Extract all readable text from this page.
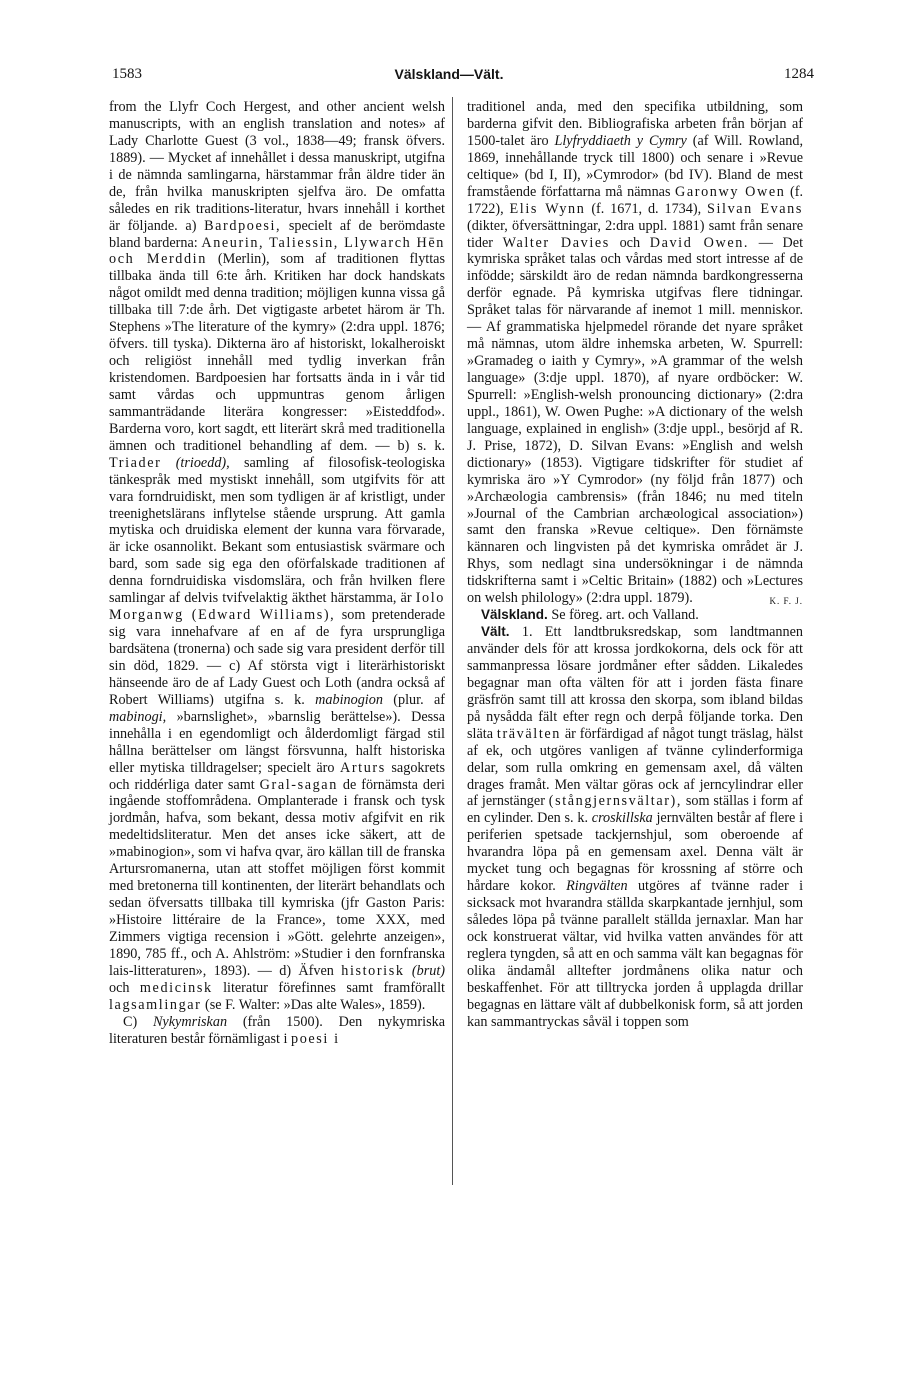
1583	Välskland—Vält.	1284

from the Llyfr Coch Hergest, and other ancient welsh manuscripts, with an english translation and notes» af Lady Charlotte Guest (3 vol., 1838—49; fransk öfvers. 1889). — Mycket af innehållet i dessa manuskript, utgifna i de nämnda samlingarna, härstammar från äldre tider än de, från hvilka manuskripten sjelfva äro. De omfatta således en rik traditions-literatur, hvars innehåll i korthet är följande. a) Bardpoesi, specielt af de berömdaste bland barderna: Aneurin, Taliessin, Llywarch Hēn och Merddin (Merlin), som af traditionen flyttas tillbaka ända till 6:te årh. Kritiken har dock handskats något omildt med denna tradition; möjligen kunna vissa gå tillbaka till 7:de årh. Det vigtigaste arbetet härom är Th. Stephens »The literature of the kymry» (2:dra uppl. 1876; öfvers. till tyska). Dikterna äro af historiskt, lokalheroiskt och religiöst innehåll med tydlig inverkan från kristendomen. Bardpoesien har fortsatts ända in i vår tid samt vårdas och uppmuntras genom årligen sammanträdande literära kongresser: »Eisteddfod». Barderna voro, kort sagdt, ett literärt skrå med traditionella ämnen och traditionel behandling af dem. — b) s. k. Triader (trioedd), samling af filosofisk-teologiska tänkespråk med mystiskt innehåll, som utgifvits för att vara forndruidiskt, men som tydligen är af kristligt, under treenighetslärans inflytelse stående ursprung. Att gamla mytiska och druidiska element der kunna vara förvarade, är icke osannolikt. Bekant som entusiastisk svärmare och bard, som sade sig ega den oförfalskade traditionen af denna forndruidiska visdomslära, och från hvilken flere samlingar af delvis tvifvelaktig äkthet härstamma, är Iolo Morganwg (Edward Williams), som pretenderade sig vara innehafvare af en af de fyra ursprungliga bardsätena (tronerna) och sade sig vara president derför till sin död, 1829. — c) Af största vigt i literärhistoriskt hänseende äro de af Lady Guest och Loth (andra också af Robert Williams) utgifna s. k. mabinogion (plur. af mabinogi, »barnslighet», »barnslig berättelse»). Dessa innehålla i en egendomligt och ålderdomligt färgad stil hållna berättelser om längst försvunna, halft historiska eller mytiska tilldragelser; specielt äro Arturs sagokrets och riddérliga dater samt Gral-sagan de förnämsta deri ingående stoffområdena. Omplanterade i fransk och tysk jordmån, hafva, som bekant, dessa motiv afgifvit en rik medeltidsliteratur. Men det anses icke säkert, att de »mabinogion», som vi hafva qvar, äro källan till de franska Artursromanerna, utan att stoffet möjligen först kommit med bretonerna till kontinenten, der literärt behandlats och sedan öfversatts tillbaka till kymriska (jfr Gaston Paris: »Histoire littéraire de la France», tome XXX, med Zimmers vigtiga recension i »Gött. gelehrte anzeigen», 1890, 785 ff., och A. Ahlström: »Studier i den fornfranska lais-litteraturen», 1893). — d) Äfven historisk (brut) och medicinsk literatur förefinnes samt framförallt lagsamlingar (se F. Walter: »Das alte Wales», 1859).

C) Nykymriskan (från 1500). Den nykymriska literaturen består förnämligast i poesi i

traditionel anda, med den specifika utbildning, som barderna gifvit den. Bibliografiska arbeten från början af 1500-talet äro Llyfryddiaeth y Cymry (af Will. Rowland, 1869, innehållande tryck till 1800) och senare i »Revue celtique» (bd I, II), »Cymrodor» (bd IV). Bland de mest framstående författarna må nämnas Garonwy Owen (f. 1722), Elis Wynn (f. 1671, d. 1734), Silvan Evans (dikter, öfversättningar, 2:dra uppl. 1881) samt från senare tider Walter Davies och David Owen. — Det kymriska språket talas och vårdas med stort intresse af de infödde; särskildt äro de redan nämnda bardkongresserna derför egnade. På kymriska utgifvas flere tidningar. Språket talas för närvarande af inemot 1 mill. menniskor. — Af grammatiska hjelpmedel rörande det nyare språket må nämnas, utom äldre inhemska arbeten, W. Spurrell: »Gramadeg o iaith y Cymry», »A grammar of the welsh language» (3:dje uppl. 1870), af nyare ordböcker: W. Spurrell: »English-welsh pronouncing dictionary» (2:dra uppl., 1861), W. Owen Pughe: »A dictionary of the welsh language, explained in english» (3:dje uppl., besörjd af R. J. Prise, 1872), D. Silvan Evans: »English and welsh dictionary» (1853). Vigtigare tidskrifter för studiet af kymriska äro »Y Cymrodor» (ny följd från 1877) och »Archæologia cambrensis» (från 1846; nu med titeln »Journal of the Cambrian archæological association») samt den franska »Revue celtique». Den förnämste kännaren och lingvisten på det kymriska området är J. Rhys, som nedlagt sina undersökningar i de nämnda tidskrifterna samt i »Celtic Britain» (1882) och »Lectures on welsh philology» (2:dra uppl. 1879).	K. F. J.

Välskland. Se föreg. art. och Valland.

Vält. 1. Ett landtbruksredskap, som landtmannen använder dels för att krossa jordkokorna, dels ock för att sammanpressa lösare jordmåner efter sådden. Likaledes begagnar man ofta välten för att i jorden fästa finare gräsfrön samt till att krossa den skorpa, som ibland bildas på nysådda fält efter regn och derpå följande torka. Den släta trävälten är förfärdigad af något tungt träslag, hälst af ek, och utgöres vanligen af tvänne cylinderformiga delar, som rulla omkring en gemensam axel, då välten drages framåt. Men vältar göras ock af jerncylindrar eller af jernstänger (stångjernsvältar), som ställas i form af en cylinder. Den s. k. croskillska jernvälten består af flere i periferien spetsade tackjernshjul, som oberoende af hvarandra löpa på en gemensam axel. Denna vält är mycket tung och begagnas för krossning af större och hårdare kokor. Ringvälten utgöres af tvänne rader i sicksack mot hvarandra ställda skarpkantade jernhjul, som således löpa på tvänne parallelt ställda jernaxlar. Man har ock konstruerat vältar, vid hvilka vatten användes för att reglera tyngden, så att en och samma vält kan begagnas för olika ändamål alltefter jordmånens olika natur och beskaffenhet. För att tilltrycka jorden å upplagda drillar begagnas en lättare vält af dubbelkonisk form, så att jorden kan sammantryckas såväl i toppen som
